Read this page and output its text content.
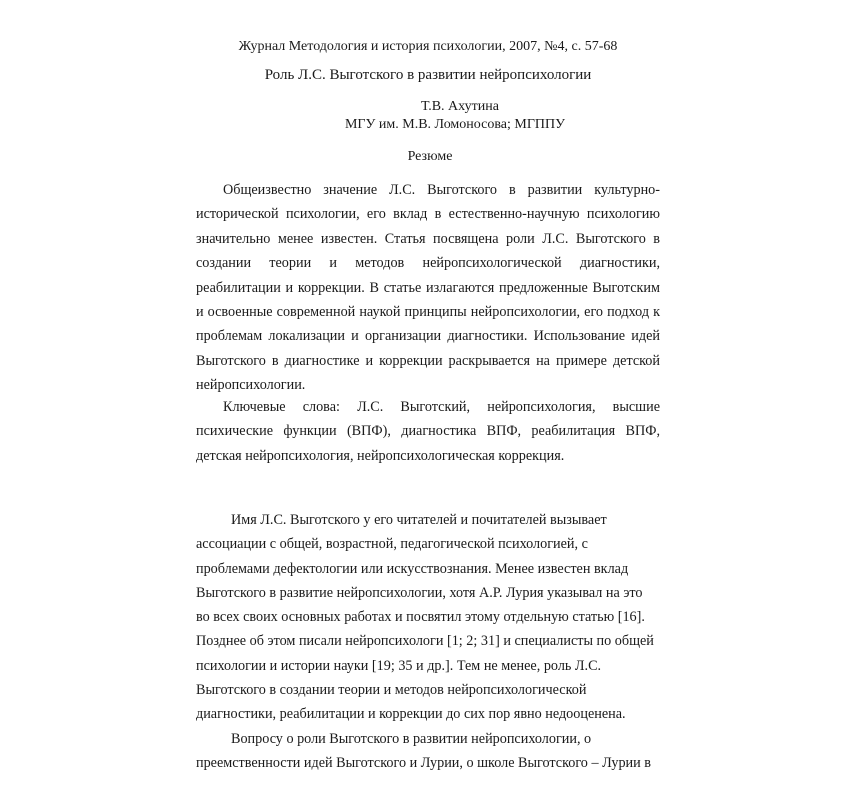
Журнал Методология и история психологии, 2007, №4, с. 57-68
Роль Л.С. Выготского в развитии нейропсихологии
Т.В. Ахутина
МГУ им. М.В. Ломоносова; МГППУ
Резюме

Общеизвестно значение Л.С. Выготского в развитии культурно-исторической психологии, его вклад в естественно-научную психологию значительно менее известен. Статья посвящена роли Л.С. Выготского в создании теории и методов нейропсихологической диагностики, реабилитации и коррекции. В статье излагаются предложенные Выготским и освоенные современной наукой принципы нейропсихологии, его подход к проблемам локализации и организации диагностики. Использование идей Выготского в диагностике и коррекции раскрывается на примере детской нейропсихологии.

Ключевые слова: Л.С. Выготский, нейропсихология, высшие психические функции (ВПФ), диагностика ВПФ, реабилитация ВПФ, детская нейропсихология, нейропсихологическая коррекция.

Имя Л.С. Выготского у его читателей и почитателей вызывает ассоциации с общей, возрастной, педагогической психологией, с проблемами дефектологии или искусствознания. Менее известен вклад Выготского в развитие нейропсихологии, хотя А.Р. Лурия указывал на это во всех своих основных работах и посвятил этому отдельную статью [16]. Позднее об этом писали нейропсихологи [1; 2; 31] и специалисты по общей психологии и истории науки [19; 35 и др.]. Тем не менее, роль Л.С. Выготского в создании теории и методов нейропсихологической диагностики, реабилитации и коррекции до сих пор явно недооценена.

Вопросу о роли Выготского в развитии нейропсихологии, о преемственности идей Выготского и Лурии, о школе Выготского – Лурии в
